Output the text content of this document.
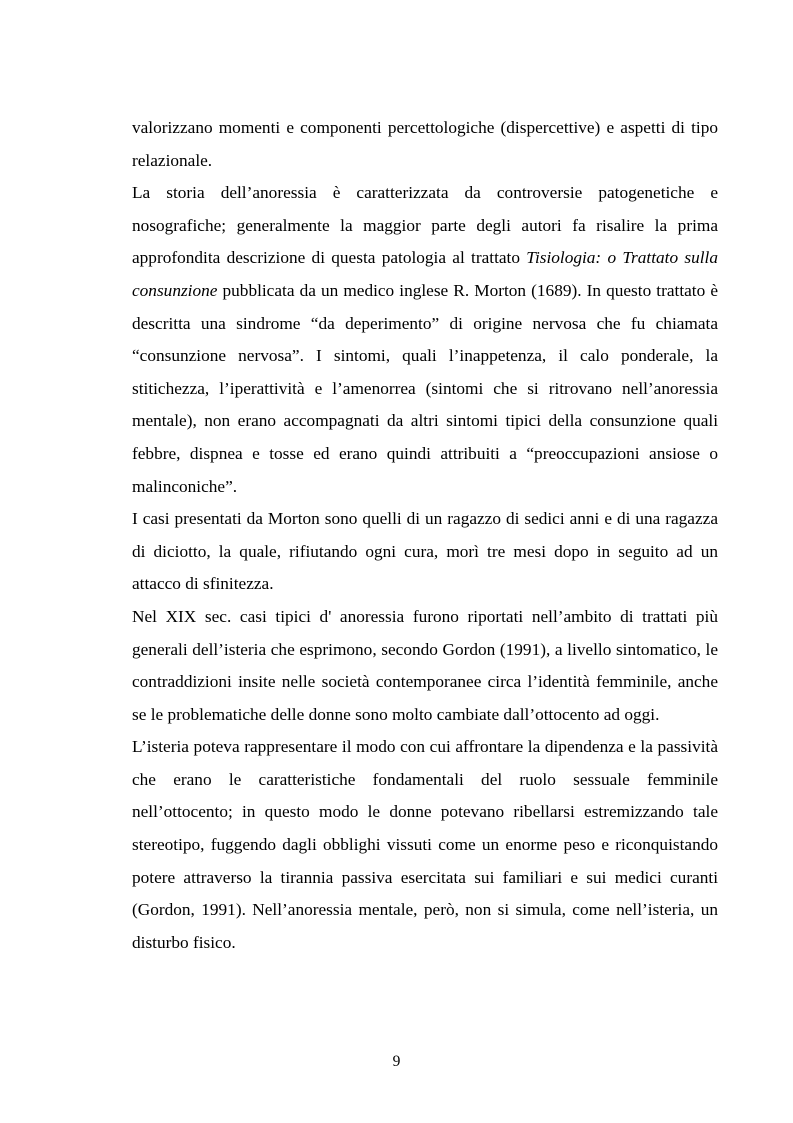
valorizzano momenti e componenti percettologiche (dispercettive) e aspetti di tipo relazionale.

La storia dell’anoressia è caratterizzata da controversie patogenetiche e nosografiche; generalmente la maggior parte degli autori fa risalire la prima approfondita descrizione di questa patologia al trattato Tisiologia: o Trattato sulla consunzione pubblicata da un medico inglese R. Morton (1689). In questo trattato è descritta una sindrome “da deperimento” di origine nervosa che fu chiamata “consunzione nervosa”. I sintomi, quali l’inappetenza, il calo ponderale, la stitichezza, l’iperattività e l’amenorrea (sintomi che si ritrovano nell’anoressia mentale), non erano accompagnati da altri sintomi tipici della consunzione quali febbre, dispnea e tosse ed erano quindi attribuiti a “preoccupazioni ansiose o malinconiche”.

I casi presentati da Morton sono quelli di un ragazzo di sedici anni e di una ragazza di diciotto, la quale, rifiutando ogni cura, morì tre mesi dopo in seguito ad un attacco di sfinitezza.

Nel XIX sec. casi tipici d' anoressia furono riportati nell’ambito di trattati più generali dell’isteria che esprimono, secondo Gordon (1991), a livello sintomatico, le contraddizioni insite nelle società contemporanee circa l’identità femminile, anche se le problematiche delle donne sono molto cambiate dall’ottocento ad oggi.

L’isteria poteva rappresentare il modo con cui affrontare la dipendenza e la passività che erano le caratteristiche fondamentali del ruolo sessuale femminile nell’ottocento; in questo modo le donne potevano ribellarsi estremizzando tale stereotipo, fuggendo dagli obblighi vissuti come un enorme peso e riconquistando potere attraverso la tirannia passiva esercitata sui familiari e sui medici curanti (Gordon, 1991). Nell’anoressia mentale, però, non si simula, come nell’isteria, un disturbo fisico.

9
